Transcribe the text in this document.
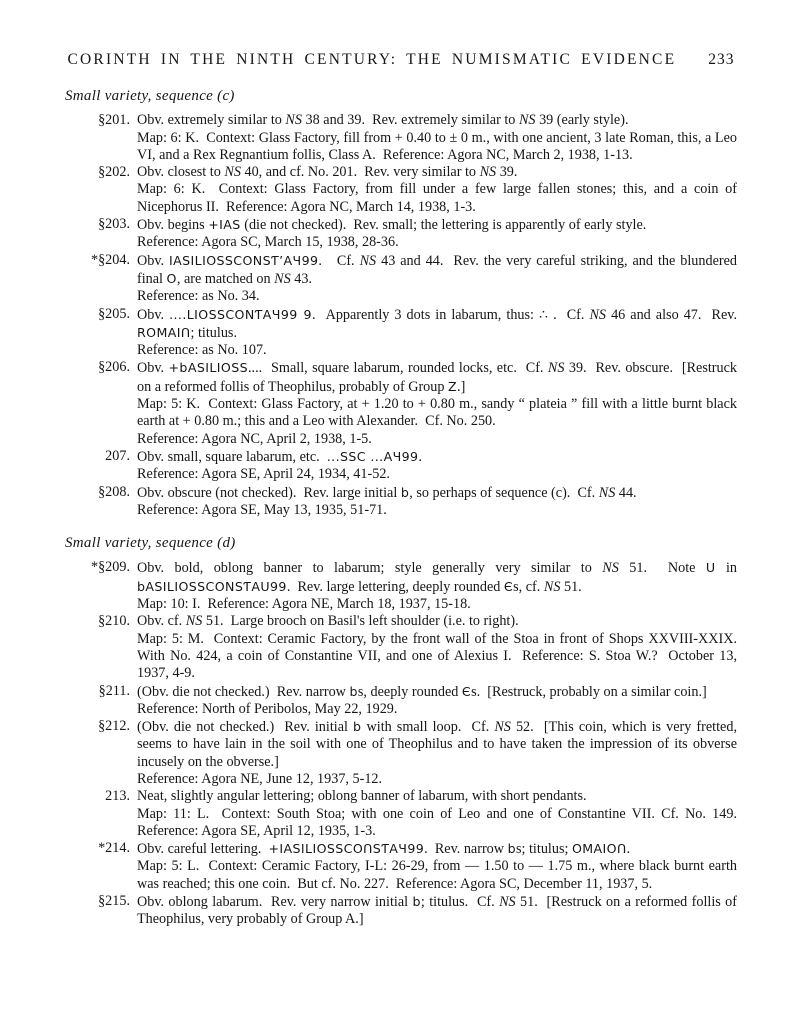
CORINTH IN THE NINTH CENTURY: THE NUMISMATIC EVIDENCE 233
Small variety, sequence (c)
§201. Obv. extremely similar to NS 38 and 39.  Rev. extremely similar to NS 39 (early style).

Map: 6: K.  Context: Glass Factory, fill from + 0.40 to ± 0 m., with one ancient, 3 late Roman, this, a Leo VI, and a Rex Regnantium follis, Class A.  Reference: Agora NC, March 2, 1938, 1-13.

§202. Obv. closest to NS 40, and cf. No. 201.  Rev. very similar to NS 39.

Map: 6: K.  Context: Glass Factory, from fill under a few large fallen stones; this, and a coin of Nicephorus II.  Reference: Agora NC, March 14, 1938, 1-3.

§203. Obv. begins +IAS (die not checked).  Rev. small; the lettering is apparently of early style.

Reference: Agora SC, March 15, 1938, 28-36.

*§204. Obv. IASILIOSSCONSƬ’AЧ99.   Cf. NS 43 and 44.  Rev. the very careful striking, and the blundered final O, are matched on NS 43.

Reference: as No. 34.

§205. Obv. ....LIOSSCONƬAЧ99 9.  Apparently 3 dots in labarum, thus: ∴ .  Cf. NS 46 and also 47.  Rev. ROMAIՈ; titulus.

Reference: as No. 107.

§206. Obv. +bASILIOSS....  Small, square labarum, rounded locks, etc.  Cf. NS 39.  Rev. obscure.  [Restruck on a reformed follis of Theophilus, probably of Group Z.]

Map: 5: K.  Context: Glass Factory, at + 1.20 to + 0.80 m., sandy “ plateia ” fill with a little burnt black earth at + 0.80 m.; this and a Leo with Alexander.  Cf. No. 250.

Reference: Agora NC, April 2, 1938, 1-5.

207. Obv. small, square labarum, etc.  ...SSC ...AЧ99.

Reference: Agora SE, April 24, 1934, 41-52.

§208. Obv. obscure (not checked).  Rev. large initial b, so perhaps of sequence (c).  Cf. NS 44.

Reference: Agora SE, May 13, 1935, 51-71.

Small variety, sequence (d)
*§209. Obv. bold, oblong banner to labarum; style generally very similar to NS 51.  Note U in bASILIOSSCONSƬAU99.  Rev. large lettering, deeply rounded Єs, cf. NS 51.

Map: 10: I.  Reference: Agora NE, March 18, 1937, 15-18.

§210. Obv. cf. NS 51.  Large brooch on Basil's left shoulder (i.e. to right).

Map: 5: M.  Context: Ceramic Factory, by the front wall of the Stoa in front of Shops XXVIII-XXIX.  With No. 424, a coin of Constantine VII, and one of Alexius I.  Reference: S. Stoa W.?  October 13, 1937, 4-9.

§211. (Obv. die not checked.)  Rev. narrow bs, deeply rounded Єs.  [Restruck, probably on a similar coin.]

Reference: North of Peribolos, May 22, 1929.

§212. (Obv. die not checked.)  Rev. initial b with small loop.  Cf. NS 52.  [This coin, which is very fretted, seems to have lain in the soil with one of Theophilus and to have taken the impression of its obverse incusely on the obverse.]

Reference: Agora NE, June 12, 1937, 5-12.

213. Neat, slightly angular lettering; oblong banner of labarum, with short pendants.

Map: 11: L.  Context: South Stoa; with one coin of Leo and one of Constantine VII. Cf. No. 149.  Reference: Agora SE, April 12, 1935, 1-3.

*214. Obv. careful lettering.  +IASILIOSSCOՈSƬAЧ99.  Rev. narrow bs; titulus; OMAIOՈ.

Map: 5: L.  Context: Ceramic Factory, I-L: 26-29, from — 1.50 to — 1.75 m., where black burnt earth was reached; this one coin.  But cf. No. 227.  Reference: Agora SC, December 11, 1937, 5.

§215. Obv. oblong labarum.  Rev. very narrow initial b; titulus.  Cf. NS 51.  [Restruck on a reformed follis of Theophilus, very probably of Group A.]
